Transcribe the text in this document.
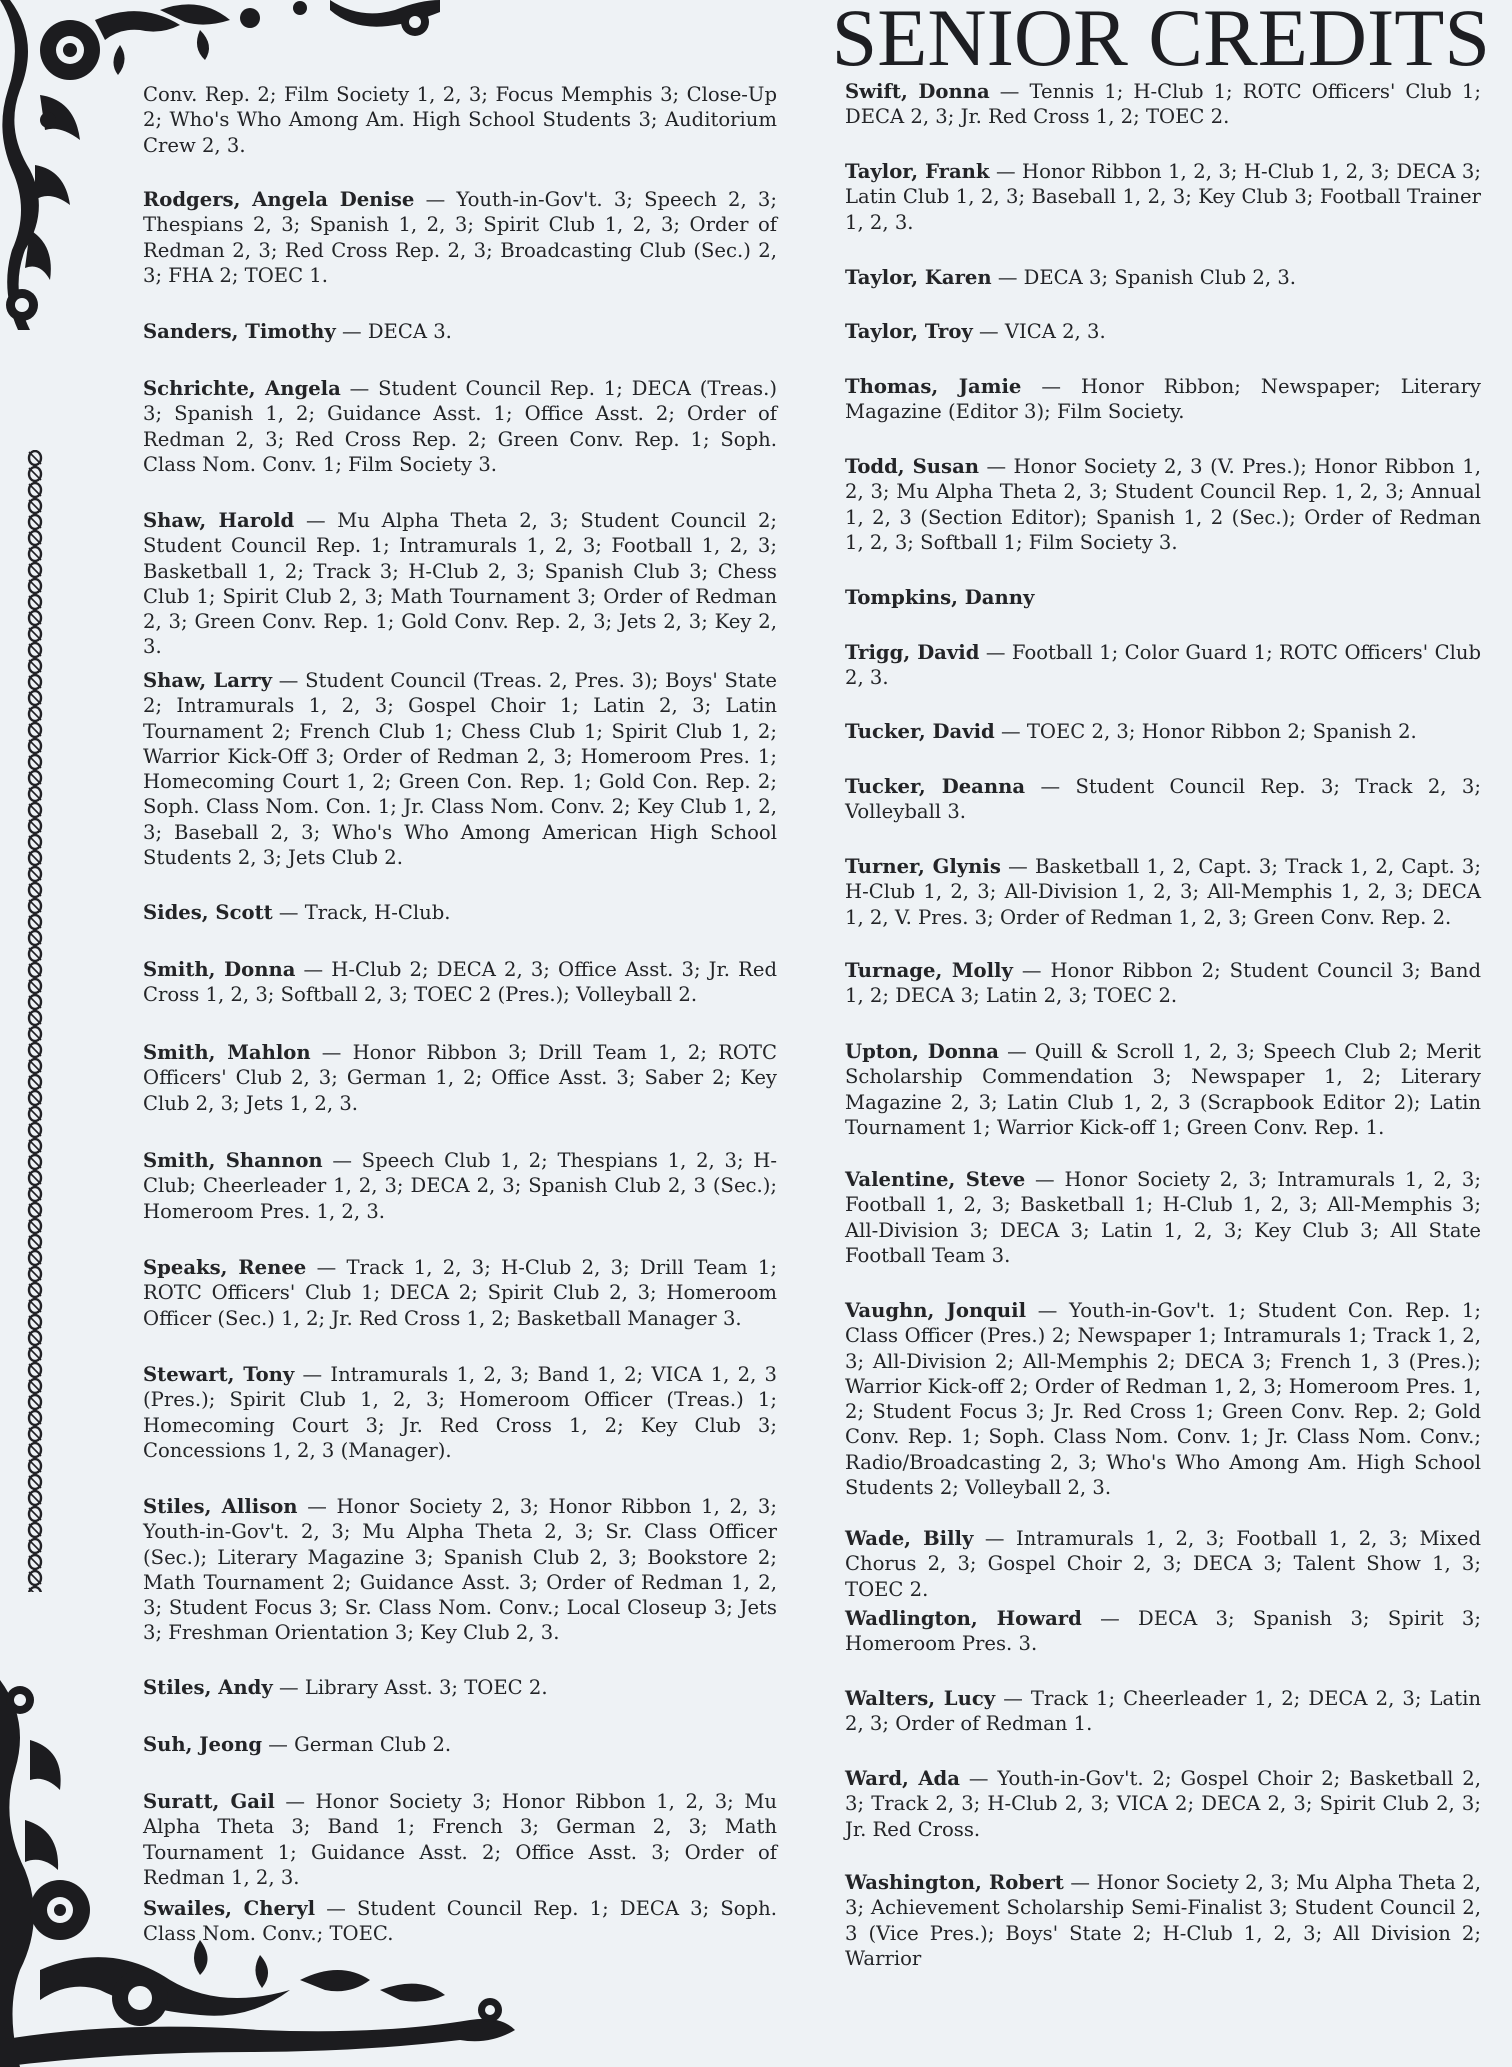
SENIOR CREDITS

Conv. Rep. 2; Film Society 1, 2, 3; Focus Memphis 3; Close-Up 2; Who's Who Among Am. High School Students 3; Auditorium Crew 2, 3.

Rodgers, Angela Denise — Youth-in-Gov't. 3; Speech 2, 3; Thespians 2, 3; Spanish 1, 2, 3; Spirit Club 1, 2, 3; Order of Redman 2, 3; Red Cross Rep. 2, 3; Broadcasting Club (Sec.) 2, 3; FHA 2; TOEC 1.

Sanders, Timothy — DECA 3.

Schrichte, Angela — Student Council Rep. 1; DECA (Treas.) 3; Spanish 1, 2; Guidance Asst. 1; Office Asst. 2; Order of Redman 2, 3; Red Cross Rep. 2; Green Conv. Rep. 1; Soph. Class Nom. Conv. 1; Film Society 3.

Shaw, Harold — Mu Alpha Theta 2, 3; Student Council 2; Student Council Rep. 1; Intramurals 1, 2, 3; Football 1, 2, 3; Basketball 1, 2; Track 3; H-Club 2, 3; Spanish Club 3; Chess Club 1; Spirit Club 2, 3; Math Tournament 3; Order of Redman 2, 3; Green Conv. Rep. 1; Gold Conv. Rep. 2, 3; Jets 2, 3; Key 2, 3.

Shaw, Larry — Student Council (Treas. 2, Pres. 3); Boys' State 2; Intramurals 1, 2, 3; Gospel Choir 1; Latin 2, 3; Latin Tournament 2; French Club 1; Chess Club 1; Spirit Club 1, 2; Warrior Kick-Off 3; Order of Redman 2, 3; Homeroom Pres. 1; Homecoming Court 1, 2; Green Con. Rep. 1; Gold Con. Rep. 2; Soph. Class Nom. Con. 1; Jr. Class Nom. Conv. 2; Key Club 1, 2, 3; Baseball 2, 3; Who's Who Among American High School Students 2, 3; Jets Club 2.

Sides, Scott — Track, H-Club.

Smith, Donna — H-Club 2; DECA 2, 3; Office Asst. 3; Jr. Red Cross 1, 2, 3; Softball 2, 3; TOEC 2 (Pres.); Volleyball 2.

Smith, Mahlon — Honor Ribbon 3; Drill Team 1, 2; ROTC Officers' Club 2, 3; German 1, 2; Office Asst. 3; Saber 2; Key Club 2, 3; Jets 1, 2, 3.

Smith, Shannon — Speech Club 1, 2; Thespians 1, 2, 3; H-Club; Cheerleader 1, 2, 3; DECA 2, 3; Spanish Club 2, 3 (Sec.); Homeroom Pres. 1, 2, 3.

Speaks, Renee — Track 1, 2, 3; H-Club 2, 3; Drill Team 1; ROTC Officers' Club 1; DECA 2; Spirit Club 2, 3; Homeroom Officer (Sec.) 1, 2; Jr. Red Cross 1, 2; Basketball Manager 3.

Stewart, Tony — Intramurals 1, 2, 3; Band 1, 2; VICA 1, 2, 3 (Pres.); Spirit Club 1, 2, 3; Homeroom Officer (Treas.) 1; Homecoming Court 3; Jr. Red Cross 1, 2; Key Club 3; Concessions 1, 2, 3 (Manager).

Stiles, Allison — Honor Society 2, 3; Honor Ribbon 1, 2, 3; Youth-in-Gov't. 2, 3; Mu Alpha Theta 2, 3; Sr. Class Officer (Sec.); Literary Magazine 3; Spanish Club 2, 3; Bookstore 2; Math Tournament 2; Guidance Asst. 3; Order of Redman 1, 2, 3; Student Focus 3; Sr. Class Nom. Conv.; Local Closeup 3; Jets 3; Freshman Orientation 3; Key Club 2, 3.

Stiles, Andy — Library Asst. 3; TOEC 2.

Suh, Jeong — German Club 2.

Suratt, Gail — Honor Society 3; Honor Ribbon 1, 2, 3; Mu Alpha Theta 3; Band 1; French 3; German 2, 3; Math Tournament 1; Guidance Asst. 2; Office Asst. 3; Order of Redman 1, 2, 3.

Swailes, Cheryl — Student Council Rep. 1; DECA 3; Soph. Class Nom. Conv.; TOEC.

Swift, Donna — Tennis 1; H-Club 1; ROTC Officers' Club 1; DECA 2, 3; Jr. Red Cross 1, 2; TOEC 2.

Taylor, Frank — Honor Ribbon 1, 2, 3; H-Club 1, 2, 3; DECA 3; Latin Club 1, 2, 3; Baseball 1, 2, 3; Key Club 3; Football Trainer 1, 2, 3.

Taylor, Karen — DECA 3; Spanish Club 2, 3.

Taylor, Troy — VICA 2, 3.

Thomas, Jamie — Honor Ribbon; Newspaper; Literary Magazine (Editor 3); Film Society.

Todd, Susan — Honor Society 2, 3 (V. Pres.); Honor Ribbon 1, 2, 3; Mu Alpha Theta 2, 3; Student Council Rep. 1, 2, 3; Annual 1, 2, 3 (Section Editor); Spanish 1, 2 (Sec.); Order of Redman 1, 2, 3; Softball 1; Film Society 3.

Tompkins, Danny

Trigg, David — Football 1; Color Guard 1; ROTC Officers' Club 2, 3.

Tucker, David — TOEC 2, 3; Honor Ribbon 2; Spanish 2.

Tucker, Deanna — Student Council Rep. 3; Track 2, 3; Volleyball 3.

Turner, Glynis — Basketball 1, 2, Capt. 3; Track 1, 2, Capt. 3; H-Club 1, 2, 3; All-Division 1, 2, 3; All-Memphis 1, 2, 3; DECA 1, 2, V. Pres. 3; Order of Redman 1, 2, 3; Green Conv. Rep. 2.

Turnage, Molly — Honor Ribbon 2; Student Council 3; Band 1, 2; DECA 3; Latin 2, 3; TOEC 2.

Upton, Donna — Quill & Scroll 1, 2, 3; Speech Club 2; Merit Scholarship Commendation 3; Newspaper 1, 2; Literary Magazine 2, 3; Latin Club 1, 2, 3 (Scrapbook Editor 2); Latin Tournament 1; Warrior Kick-off 1; Green Conv. Rep. 1.

Valentine, Steve — Honor Society 2, 3; Intramurals 1, 2, 3; Football 1, 2, 3; Basketball 1; H-Club 1, 2, 3; All-Memphis 3; All-Division 3; DECA 3; Latin 1, 2, 3; Key Club 3; All State Football Team 3.

Vaughn, Jonquil — Youth-in-Gov't. 1; Student Con. Rep. 1; Class Officer (Pres.) 2; Newspaper 1; Intramurals 1; Track 1, 2, 3; All-Division 2; All-Memphis 2; DECA 3; French 1, 3 (Pres.); Warrior Kick-off 2; Order of Redman 1, 2, 3; Homeroom Pres. 1, 2; Student Focus 3; Jr. Red Cross 1; Green Conv. Rep. 2; Gold Conv. Rep. 1; Soph. Class Nom. Conv. 1; Jr. Class Nom. Conv.; Radio/Broadcasting 2, 3; Who's Who Among Am. High School Students 2; Volleyball 2, 3.

Wade, Billy — Intramurals 1, 2, 3; Football 1, 2, 3; Mixed Chorus 2, 3; Gospel Choir 2, 3; DECA 3; Talent Show 1, 3; TOEC 2.

Wadlington, Howard — DECA 3; Spanish 3; Spirit 3; Homeroom Pres. 3.

Walters, Lucy — Track 1; Cheerleader 1, 2; DECA 2, 3; Latin 2, 3; Order of Redman 1.

Ward, Ada — Youth-in-Gov't. 2; Gospel Choir 2; Basketball 2, 3; Track 2, 3; H-Club 2, 3; VICA 2; DECA 2, 3; Spirit Club 2, 3; Jr. Red Cross.

Washington, Robert — Honor Society 2, 3; Mu Alpha Theta 2, 3; Achievement Scholarship Semi-Finalist 3; Student Council 2, 3 (Vice Pres.); Boys' State 2; H-Club 1, 2, 3; All Division 2; Warrior
